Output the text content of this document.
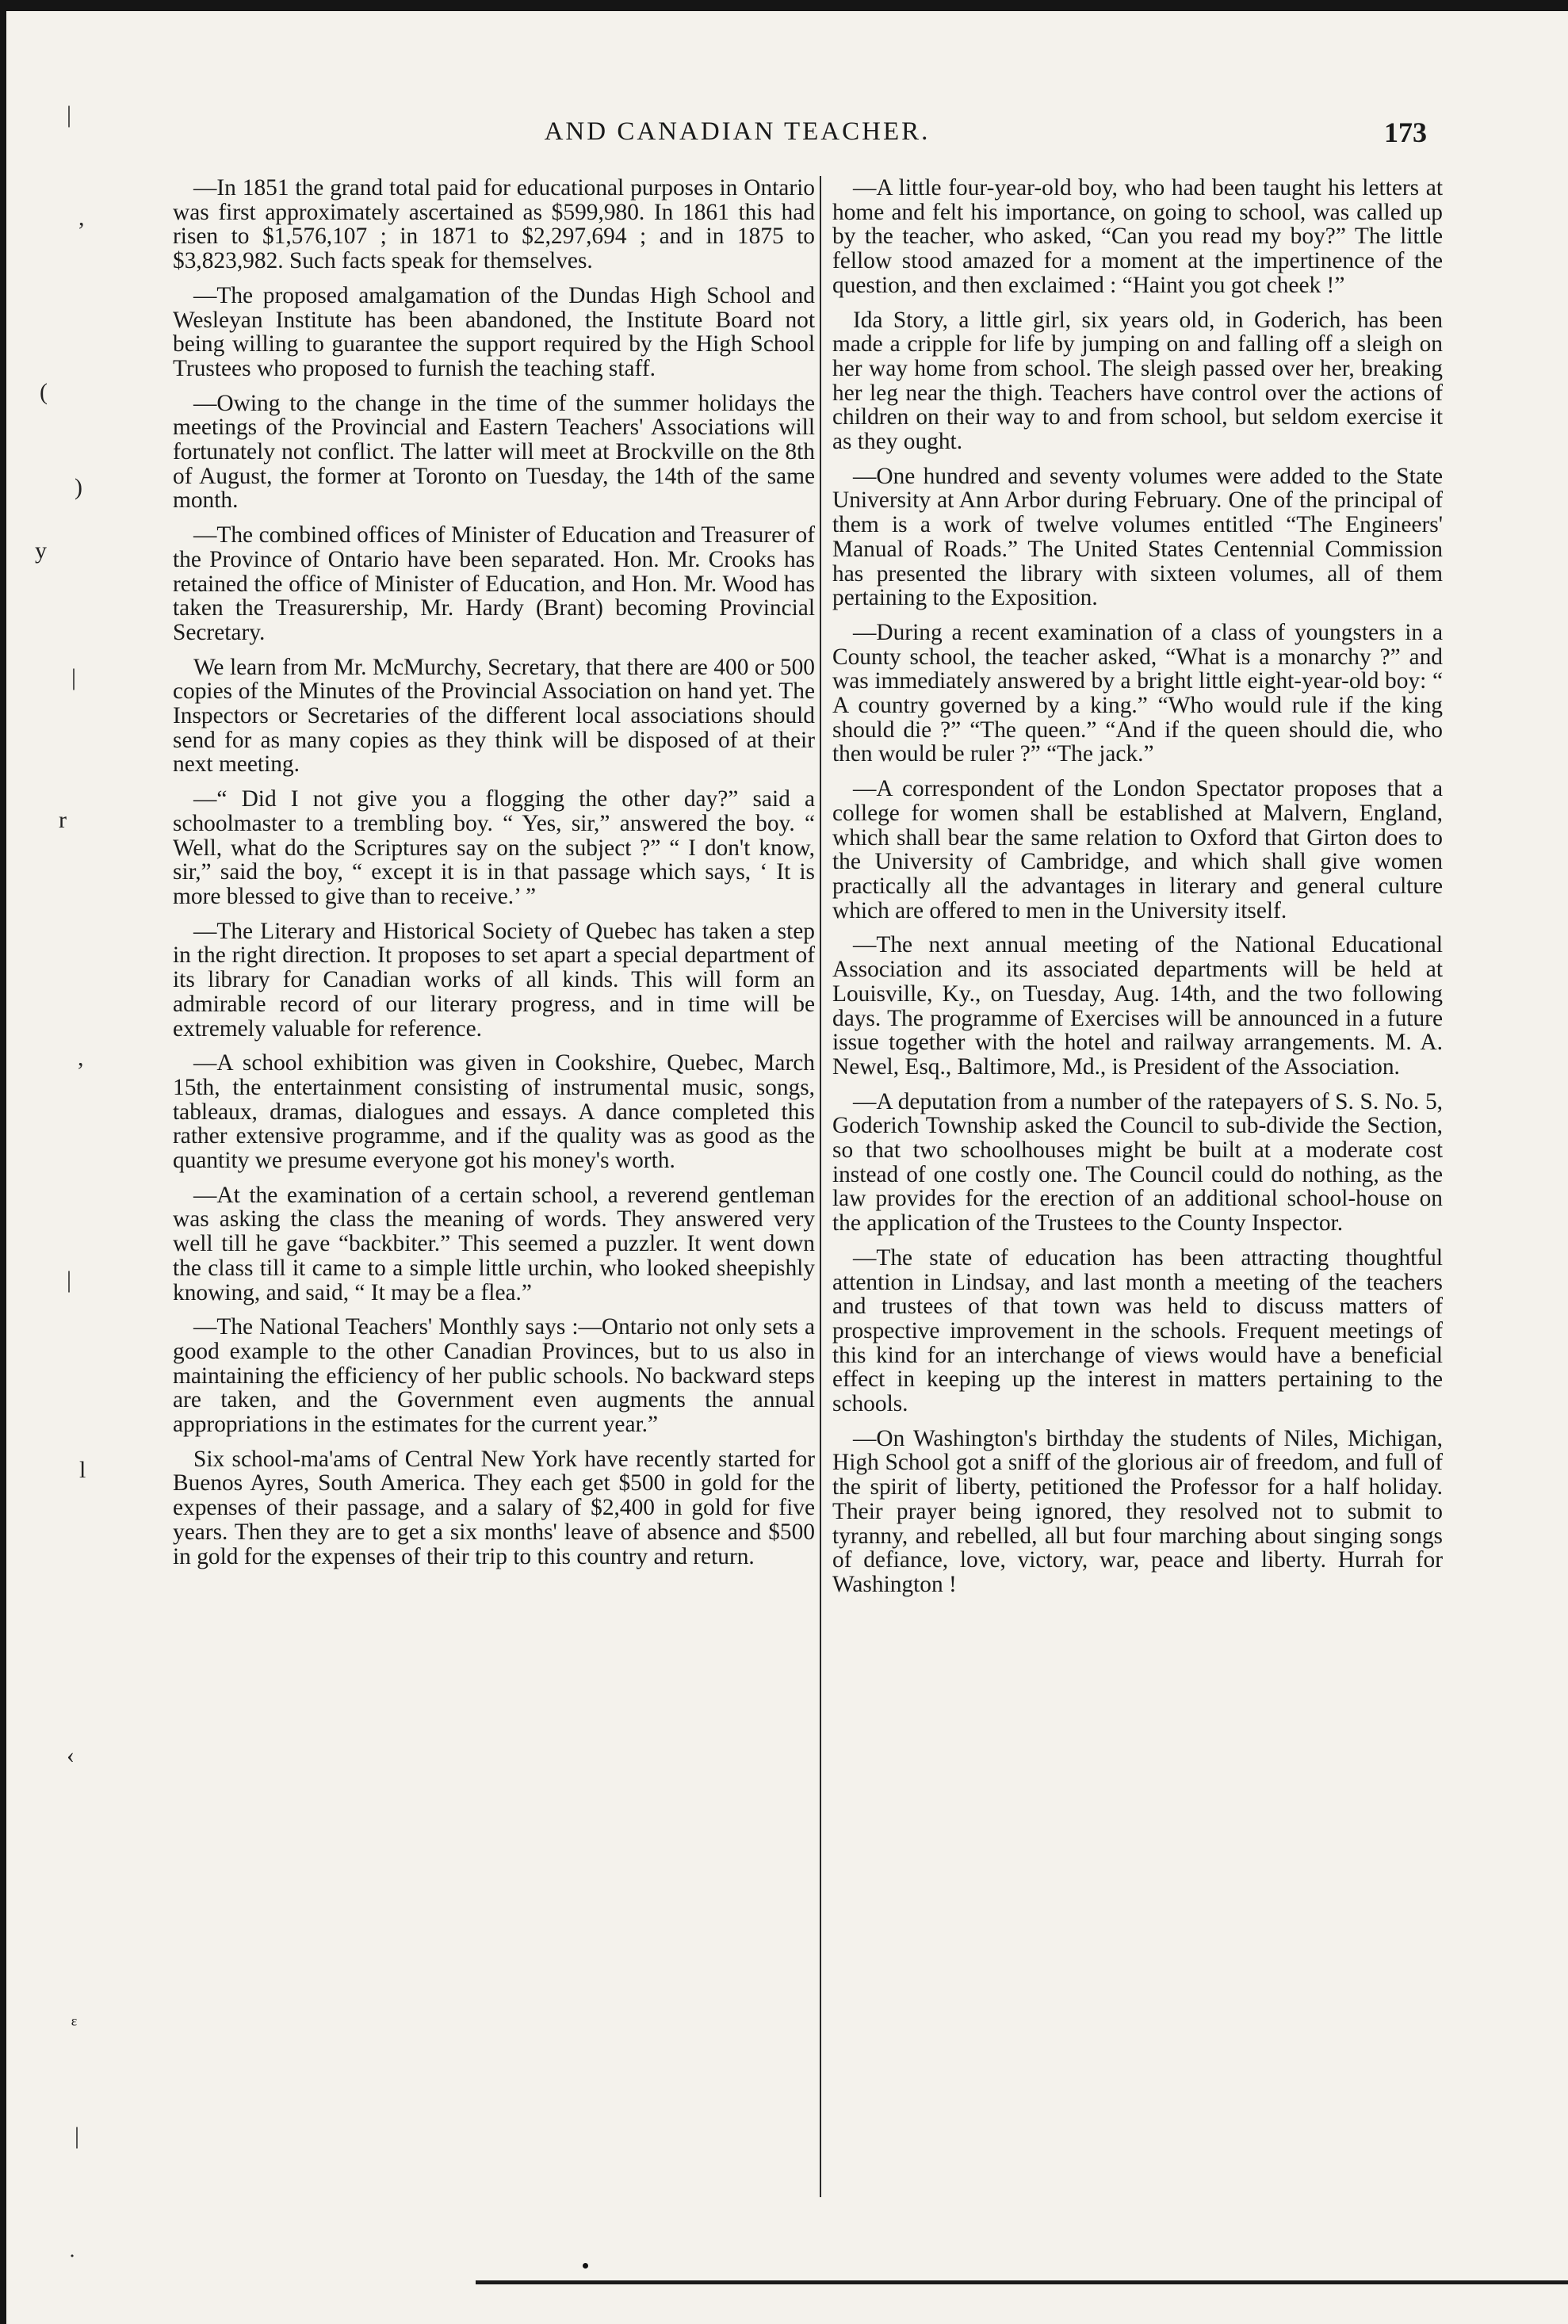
|
,
(
)
y
|
r
,
|
l
‹
ᵋ
|
˙
AND CANADIAN TEACHER.	173

—In 1851 the grand total paid for educational purposes in Ontario was first approximately ascertained as $599,980. In 1861 this had risen to $1,576,107 ; in 1871 to $2,297,694 ; and in 1875 to $3,823,982. Such facts speak for themselves.

—The proposed amalgamation of the Dundas High School and Wesleyan Institute has been abandoned, the Institute Board not being willing to guarantee the support required by the High School Trustees who proposed to furnish the teaching staff.

—Owing to the change in the time of the summer holidays the meetings of the Provincial and Eastern Teachers' Associations will fortunately not conflict. The latter will meet at Brockville on the 8th of August, the former at Toronto on Tuesday, the 14th of the same month.

—The combined offices of Minister of Education and Treasurer of the Province of Ontario have been separated. Hon. Mr. Crooks has retained the office of Minister of Education, and Hon. Mr. Wood has taken the Treasurership, Mr. Hardy (Brant) becoming Provincial Secretary.

We learn from Mr. McMurchy, Secretary, that there are 400 or 500 copies of the Minutes of the Provincial Association on hand yet. The Inspectors or Secretaries of the different local associations should send for as many copies as they think will be disposed of at their next meeting.

—“ Did I not give you a flogging the other day?” said a schoolmaster to a trembling boy. “ Yes, sir,” answered the boy. “ Well, what do the Scriptures say on the subject ?” “ I don't know, sir,” said the boy, “ except it is in that passage which says, ‘ It is more blessed to give than to receive.’ ”

—The Literary and Historical Society of Quebec has taken a step in the right direction. It proposes to set apart a special department of its library for Canadian works of all kinds. This will form an admirable record of our literary progress, and in time will be extremely valuable for reference.

—A school exhibition was given in Cookshire, Quebec, March 15th, the entertainment consisting of instrumental music, songs, tableaux, dramas, dialogues and essays. A dance completed this rather extensive programme, and if the quality was as good as the quantity we presume everyone got his money's worth.

—At the examination of a certain school, a reverend gentleman was asking the class the meaning of words. They answered very well till he gave “backbiter.” This seemed a puzzler. It went down the class till it came to a simple little urchin, who looked sheepishly knowing, and said, “ It may be a flea.”

—The National Teachers' Monthly says :—Ontario not only sets a good example to the other Canadian Provinces, but to us also in maintaining the efficiency of her public schools. No backward steps are taken, and the Government even augments the annual appropriations in the estimates for the current year.”

Six school-ma'ams of Central New York have recently started for Buenos Ayres, South America. They each get $500 in gold for the expenses of their passage, and a salary of $2,400 in gold for five years. Then they are to get a six months' leave of absence and $500 in gold for the expenses of their trip to this country and return.

—A little four-year-old boy, who had been taught his letters at home and felt his importance, on going to school, was called up by the teacher, who asked, “Can you read my boy?” The little fellow stood amazed for a moment at the impertinence of the question, and then exclaimed : “Haint you got cheek !”

Ida Story, a little girl, six years old, in Goderich, has been made a cripple for life by jumping on and falling off a sleigh on her way home from school. The sleigh passed over her, breaking her leg near the thigh. Teachers have control over the actions of children on their way to and from school, but seldom exercise it as they ought.

—One hundred and seventy volumes were added to the State University at Ann Arbor during February. One of the principal of them is a work of twelve volumes entitled “The Engineers' Manual of Roads.” The United States Centennial Commission has presented the library with sixteen volumes, all of them pertaining to the Exposition.

—During a recent examination of a class of youngsters in a County school, the teacher asked, “What is a monarchy ?” and was immediately answered by a bright little eight-year-old boy: “ A country governed by a king.” “Who would rule if the king should die ?” “The queen.” “And if the queen should die, who then would be ruler ?” “The jack.”

—A correspondent of the London Spectator proposes that a college for women shall be established at Malvern, England, which shall bear the same relation to Oxford that Girton does to the University of Cambridge, and which shall give women practically all the advantages in literary and general culture which are offered to men in the University itself.

—The next annual meeting of the National Educational Association and its associated departments will be held at Louisville, Ky., on Tuesday, Aug. 14th, and the two following days. The programme of Exercises will be announced in a future issue together with the hotel and railway arrangements. M. A. Newel, Esq., Baltimore, Md., is President of the Association.

—A deputation from a number of the ratepayers of S. S. No. 5, Goderich Township asked the Council to sub-divide the Section, so that two schoolhouses might be built at a moderate cost instead of one costly one. The Council could do nothing, as the law provides for the erection of an additional school-house on the application of the Trustees to the County Inspector.

—The state of education has been attracting thoughtful attention in Lindsay, and last month a meeting of the teachers and trustees of that town was held to discuss matters of prospective improvement in the schools. Frequent meetings of this kind for an interchange of views would have a beneficial effect in keeping up the interest in matters pertaining to the schools.

—On Washington's birthday the students of Niles, Michigan, High School got a sniff of the glorious air of freedom, and full of the spirit of liberty, petitioned the Professor for a half holiday. Their prayer being ignored, they resolved not to submit to tyranny, and rebelled, all but four marching about singing songs of defiance, love, victory, war, peace and liberty. Hurrah for Washington !
